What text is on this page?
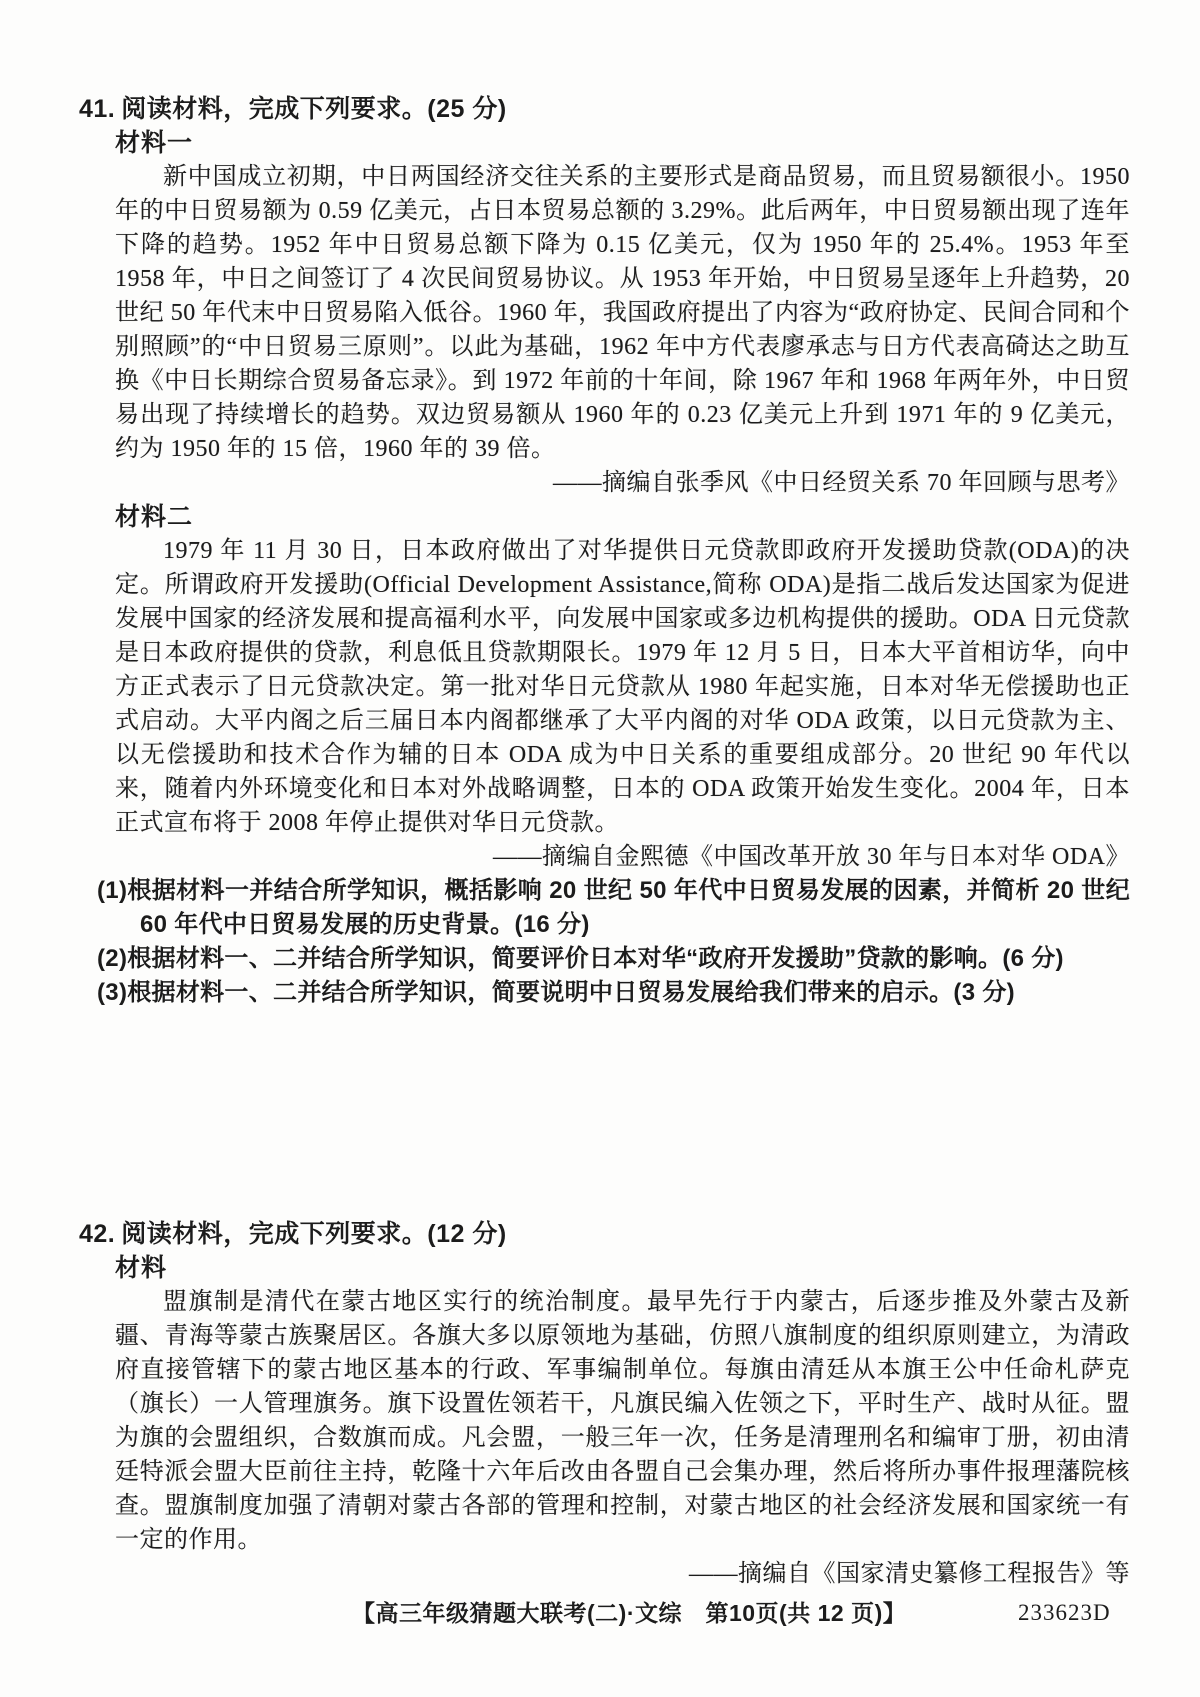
41. 阅读材料，完成下列要求。(25 分)
材料一

新中国成立初期，中日两国经济交往关系的主要形式是商品贸易，而且贸易额很小。1950 年的中日贸易额为 0.59 亿美元，占日本贸易总额的 3.29%。此后两年，中日贸易额出现了连年下降的趋势。1952 年中日贸易总额下降为 0.15 亿美元，仅为 1950 年的 25.4%。1953 年至 1958 年，中日之间签订了 4 次民间贸易协议。从 1953 年开始，中日贸易呈逐年上升趋势，20 世纪 50 年代末中日贸易陷入低谷。1960 年，我国政府提出了内容为“政府协定、民间合同和个别照顾”的“中日贸易三原则”。以此为基础，1962 年中方代表廖承志与日方代表高碕达之助互换《中日长期综合贸易备忘录》。到 1972 年前的十年间，除 1967 年和 1968 年两年外，中日贸易出现了持续增长的趋势。双边贸易额从 1960 年的 0.23 亿美元上升到 1971 年的 9 亿美元，约为 1950 年的 15 倍，1960 年的 39 倍。

——摘编自张季风《中日经贸关系 70 年回顾与思考》
材料二

1979 年 11 月 30 日，日本政府做出了对华提供日元贷款即政府开发援助贷款(ODA)的决定。所谓政府开发援助(Official Development Assistance,简称 ODA)是指二战后发达国家为促进发展中国家的经济发展和提高福利水平，向发展中国家或多边机构提供的援助。ODA 日元贷款是日本政府提供的贷款，利息低且贷款期限长。1979 年 12 月 5 日，日本大平首相访华，向中方正式表示了日元贷款决定。第一批对华日元贷款从 1980 年起实施，日本对华无偿援助也正式启动。大平内阁之后三届日本内阁都继承了大平内阁的对华 ODA 政策，以日元贷款为主、以无偿援助和技术合作为辅的日本 ODA 成为中日关系的重要组成部分。20 世纪 90 年代以来，随着内外环境变化和日本对外战略调整，日本的 ODA 政策开始发生变化。2004 年，日本正式宣布将于 2008 年停止提供对华日元贷款。

——摘编自金熙德《中国改革开放 30 年与日本对华 ODA》
(1)根据材料一并结合所学知识，概括影响 20 世纪 50 年代中日贸易发展的因素，并简析 20 世纪 60 年代中日贸易发展的历史背景。(16 分)
(2)根据材料一、二并结合所学知识，简要评价日本对华“政府开发援助”贷款的影响。(6 分)
(3)根据材料一、二并结合所学知识，简要说明中日贸易发展给我们带来的启示。(3 分)
42. 阅读材料，完成下列要求。(12 分)
材料

盟旗制是清代在蒙古地区实行的统治制度。最早先行于内蒙古，后逐步推及外蒙古及新疆、青海等蒙古族聚居区。各旗大多以原领地为基础，仿照八旗制度的组织原则建立，为清政府直接管辖下的蒙古地区基本的行政、军事编制单位。每旗由清廷从本旗王公中任命札萨克（旗长）一人管理旗务。旗下设置佐领若干，凡旗民编入佐领之下，平时生产、战时从征。盟为旗的会盟组织，合数旗而成。凡会盟，一般三年一次，任务是清理刑名和编审丁册，初由清廷特派会盟大臣前往主持，乾隆十六年后改由各盟自己会集办理，然后将所办事件报理藩院核查。盟旗制度加强了清朝对蒙古各部的管理和控制，对蒙古地区的社会经济发展和国家统一有一定的作用。

——摘编自《国家清史纂修工程报告》等
【高三年级猜题大联考(二)·文综　第10页(共 12 页)】	233623D
